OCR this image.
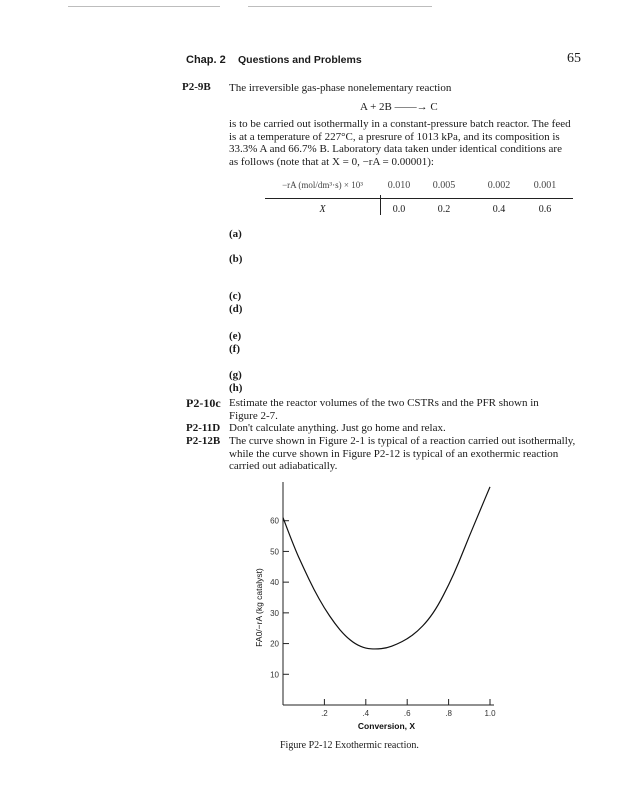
Chap. 2 Questions and Problems	65
P2-9B The irreversible gas-phase nonelementary reaction
A + 2B ——→ C

is to be carried out isothermally in a constant-pressure batch reactor. The feed

is at a temperature of 227°C, a presrure of 1013 kPa, and its composition is

33.3% A and 66.7% B. Laboratory data taken under identical conditions are

as follows (note that at X = 0, −rA = 0.00001):

−rA (mol/dm³·s) × 10³	0.010	0.005	0.002	0.001
X	0.0	0.2	0.4	0.6
(a)
(b)
(c)
(d)
(e)
(f)
(g)
(h)
P2-10c Estimate the reactor volumes of the two CSTRs and the PFR shown in

Figure 2-7.

P2-11D Don't calculate anything. Just go home and relax.
P2-12B The curve shown in Figure 2-1 is typical of a reaction carried out isothermally,

while the curve shown in Figure P2-12 is typical of an exothermic reaction

carried out adiabatically.

10
20
30
40
50
60
.2	.4	.6	.8	1.0
Conversion, X
FA0/−rA (kg catalyst)
Figure P2-12 Exothermic reaction.
